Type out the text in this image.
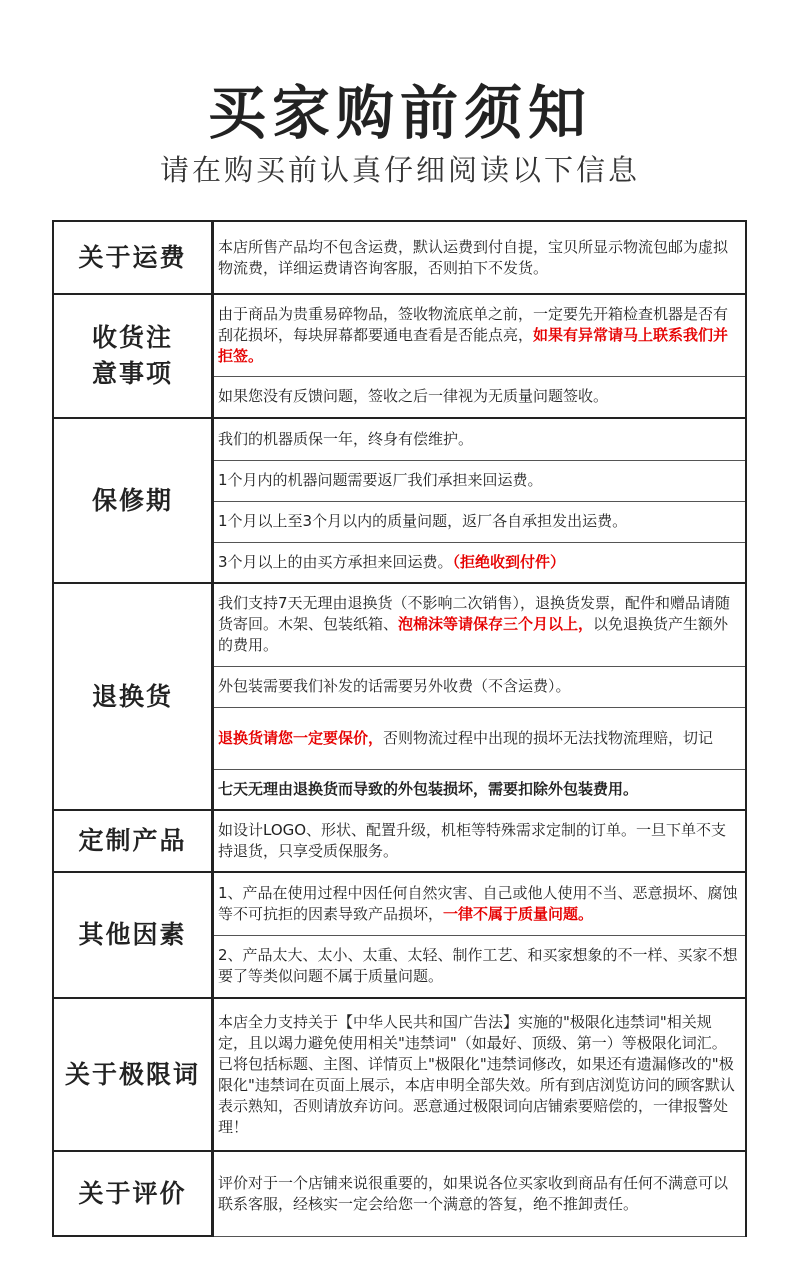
买家购前须知
请在购买前认真仔细阅读以下信息
关于运费	本店所售产品均不包含运费，默认运费到付自提，宝贝所显示物流包邮为虚拟物流费，详细运费请咨询客服，否则拍下不发货。

收货注意事项	由于商品为贵重易碎物品，签收物流底单之前，一定要先开箱检查机器是否有刮花损坏，每块屏幕都要通电查看是否能点亮，如果有异常请马上联系我们并拒签。
	如果您没有反馈问题，签收之后一律视为无质量问题签收。

保修期	我们的机器质保一年，终身有偿维护。
	1个月内的机器问题需要返厂我们承担来回运费。
	1个月以上至3个月以内的质量问题，返厂各自承担发出运费。
	3个月以上的由买方承担来回运费。（拒绝收到付件）

退换货	我们支持7天无理由退换货（不影响二次销售），退换货发票，配件和赠品请随货寄回。木架、包装纸箱、泡棉沫等请保存三个月以上，以免退换货产生额外的费用。
	外包装需要我们补发的话需要另外收费（不含运费）。
	退换货请您一定要保价，否则物流过程中出现的损坏无法找物流理赔，切记
	七天无理由退换货而导致的外包装损坏，需要扣除外包装费用。

定制产品	如设计LOGO、形状、配置升级，机柜等特殊需求定制的订单。一旦下单不支持退货，只享受质保服务。

其他因素	1、产品在使用过程中因任何自然灾害、自己或他人使用不当、恶意损坏、腐蚀等不可抗拒的因素导致产品损坏，一律不属于质量问题。
	2、产品太大、太小、太重、太轻、制作工艺、和买家想象的不一样、买家不想要了等类似问题不属于质量问题。

关于极限词	本店全力支持关于【中华人民共和国广告法】实施的"极限化违禁词"相关规定，且以竭力避免使用相关"违禁词"（如最好、顶级、第一）等极限化词汇。已将包括标题、主图、详情页上"极限化"违禁词修改，如果还有遗漏修改的"极限化"违禁词在页面上展示，本店申明全部失效。所有到店浏览访问的顾客默认表示熟知，否则请放弃访问。恶意通过极限词向店铺索要赔偿的，一律报警处理！

关于评价	评价对于一个店铺来说很重要的，如果说各位买家收到商品有任何不满意可以联系客服，经核实一定会给您一个满意的答复，绝不推卸责任。
